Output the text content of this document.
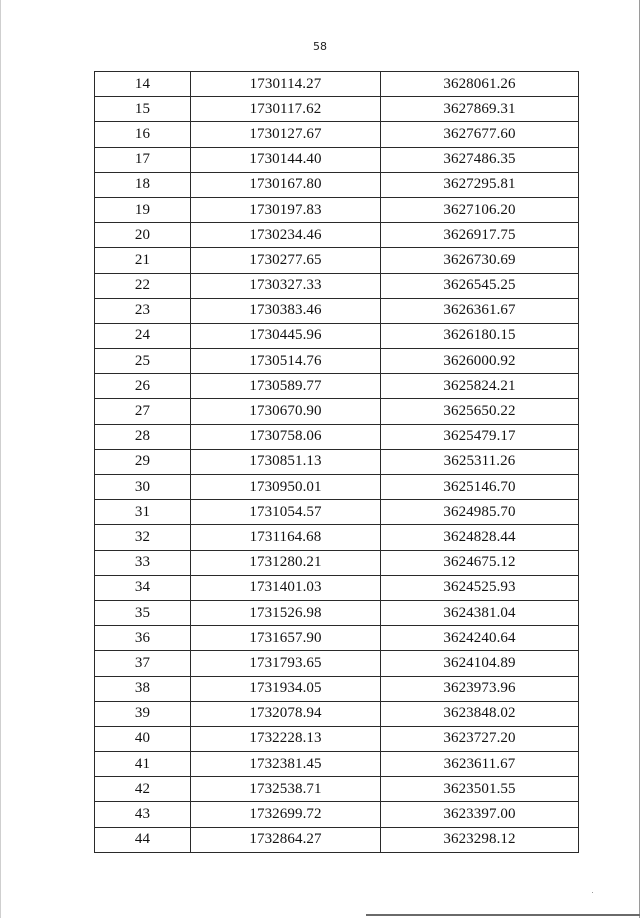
58
14	1730114.27	3628061.26
15	1730117.62	3627869.31
16	1730127.67	3627677.60
17	1730144.40	3627486.35
18	1730167.80	3627295.81
19	1730197.83	3627106.20
20	1730234.46	3626917.75
21	1730277.65	3626730.69
22	1730327.33	3626545.25
23	1730383.46	3626361.67
24	1730445.96	3626180.15
25	1730514.76	3626000.92
26	1730589.77	3625824.21
27	1730670.90	3625650.22
28	1730758.06	3625479.17
29	1730851.13	3625311.26
30	1730950.01	3625146.70
31	1731054.57	3624985.70
32	1731164.68	3624828.44
33	1731280.21	3624675.12
34	1731401.03	3624525.93
35	1731526.98	3624381.04
36	1731657.90	3624240.64
37	1731793.65	3624104.89
38	1731934.05	3623973.96
39	1732078.94	3623848.02
40	1732228.13	3623727.20
41	1732381.45	3623611.67
42	1732538.71	3623501.55
43	1732699.72	3623397.00
44	1732864.27	3623298.12
